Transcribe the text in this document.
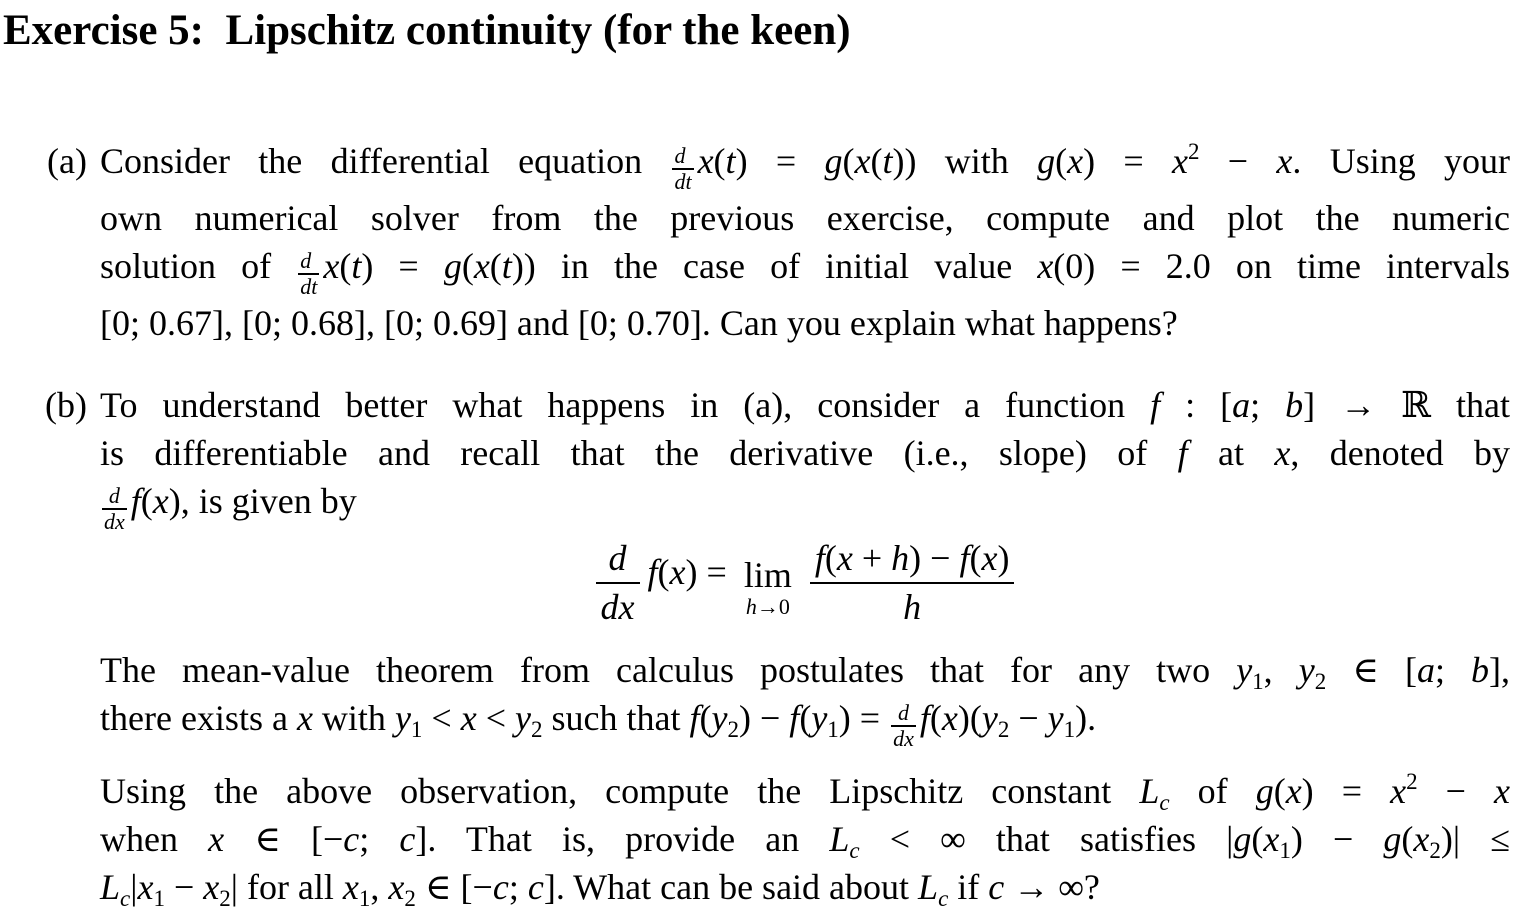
Exercise 5:  Lipschitz continuity (for the keen)
(a) Consider the differential equation $\frac{d}{dt} x(t) = g(x(t))$ with $g(x) = x^2 - x$. Using your
own numerical solver from the previous exercise, compute and plot the numeric
solution of $\frac{d}{dt} x(t) = g(x(t))$ in the case of initial value x(0) = 2.0 on time intervals
[0; 0.67], [0; 0.68], [0; 0.69] and [0; 0.70]. Can you explain what happens?
(b) To understand better what happens in (a), consider a function f : [a; b] → ℝ that
is differentiable and recall that the derivative (i.e., slope) of f at x, denoted by
$\frac{d}{dx} f(x)$, is given by
$\frac{d}{dx} f(x) = \lim$
$h\to 0 \frac{f(x + h) - f(x)}{h}$
The mean-value theorem from calculus postulates that for any two $y_1$, $y_2$ ∈ [a; b],
there exists a x with $y_1 < x < y_2$ such that $f(y_2) - f(y_1) = \frac{d}{dx} f(x)(y_2 - y_1)$.
Using the above observation, compute the Lipschitz constant $L_c$ of $g(x) = x^2 - x$
when x ∈ [−c; c]. That is, provide an $L_c$ < ∞ that satisfies $|g(x_1) - g(x_2)|$ ≤
$L_c|x_1 - x_2|$ for all $x_1$, $x_2$ ∈ [−c; c]. What can be said about $L_c$ if c → ∞?
